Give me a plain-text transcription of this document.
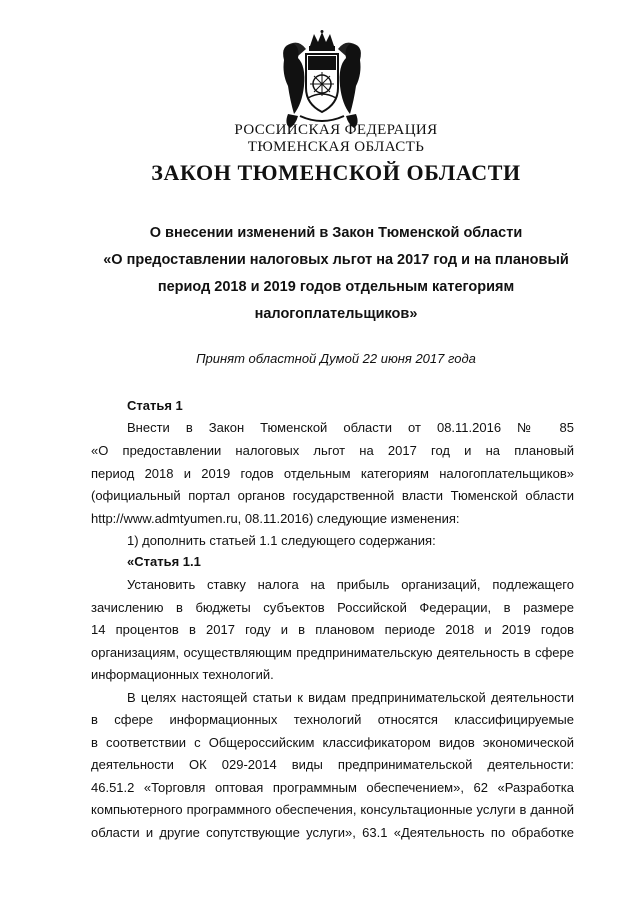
РОССИЙСКАЯ ФЕДЕРАЦИЯ
ТЮМЕНСКАЯ ОБЛАСТЬ
ЗАКОН ТЮМЕНСКОЙ ОБЛАСТИ
О внесении изменений в Закон Тюменской области
«О предоставлении налоговых льгот на 2017 год и на плановый
период 2018 и 2019 годов отдельным категориям
налогоплательщиков»
Принят областной Думой 22 июня 2017 года
Статья 1
Внести в Закон Тюменской области от 08.11.2016 № 85
«О предоставлении налоговых льгот на 2017 год и на плановый
период 2018 и 2019 годов отдельным категориям налогоплательщиков»
(официальный портал органов государственной власти Тюменской области
http://www.admtyumen.ru, 08.11.2016) следующие изменения:
1) дополнить статьей 1.1 следующего содержания:
«Статья 1.1
Установить ставку налога на прибыль организаций, подлежащего
зачислению в бюджеты субъектов Российской Федерации, в размере
14 процентов в 2017 году и в плановом периоде 2018 и 2019 годов
организациям, осуществляющим предпринимательскую деятельность в сфере
информационных технологий.
В целях настоящей статьи к видам предпринимательской деятельности
в сфере информационных технологий относятся классифицируемые
в соответствии с Общероссийским классификатором видов экономической
деятельности ОК 029-2014 виды предпринимательской деятельности:
46.51.2 «Торговля оптовая программным обеспечением», 62 «Разработка
компьютерного программного обеспечения, консультационные услуги в данной
области и другие сопутствующие услуги», 63.1 «Деятельность по обработке
